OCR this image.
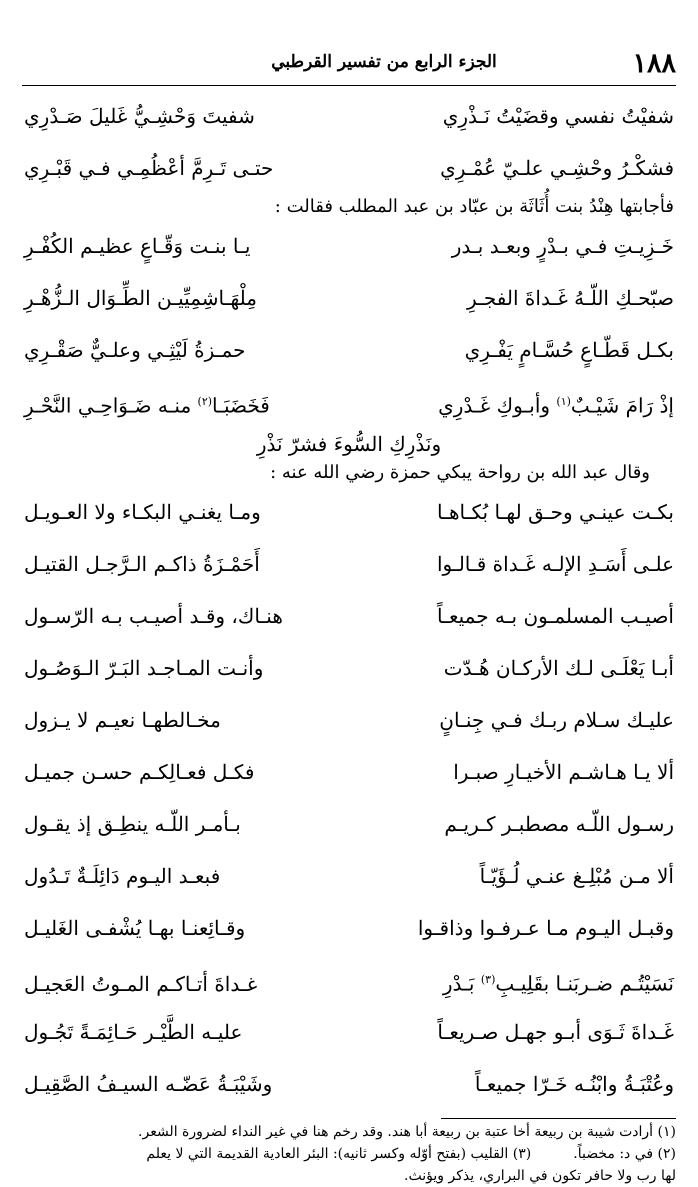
١٨٨
الجزء الرابع من تفسير القرطبي
شفيْتُ نفسي وقضَيْتُ نَـذْرِي
شفيتَ وَحْشِـيُّ غَليلَ صَـدْرِي
فشكْـرُ وحْشِـي علـيّ عُمْـرِي
حتـى تَـرِمَّ أعْظُمِـي فـي قَبْـرِي
فأجابتها هِنْدُ بنت أُثَاثَة بن عبّاد بن عبد المطلب فقالت :
خَـزِيـتِ فـي بـدْرٍ وبعـد بـدر
يـا بنـت وَقّـاعٍ عظيـم الكُفْـرِ
صبّحـكِ اللّـهُ غَـداةَ الفجـرِ
مِلْهَـاشِمِيِّيـن الطِّـوَال الـزُّهْـرِ
بكـل قَطّـاعٍ حُسَّـامٍ يَفْـرِي
حمـزةُ لَيْثِـي وعلـيٌّ صَقْـرِي
إذْ رَامَ شَيْـبٌ$^{(١)}$ وأبـوكِ غَـدْرِي
فَخَضَبَـا$^{(٢)}$ منـه ضَـوَاحِـي النَّحْـرِ
ونَذْرِكِ السُّوءَ فشرّ نَذْرِ
وقال عبد الله بن رواحة يبكي حمزة رضي الله عنه :
بكـت عينـي وحـق لهـا بُكـاهـا
ومـا يغنـي البكـاء ولا العـويـل
علـى أَسَـدِ الإلـه غَـداة قـالـوا
أَحَمْـزَةُ ذاكـم الـرَّجـل القتيـل
أصيـب المسلمـون بـه جميعـاً
هنـاك، وقـد أصيـب بـه الرّسـول
أبـا يَعْلَـى لـك الأركـان هُـدّت
وأنـت المـاجـد البَـرّ الـوَصُـول
عليـك سـلام ربـك فـي جِنـانٍ
مخـالطهـا نعيـم لا يـزول
ألا يـا هـاشـم الأخيـارِ صبـرا
فكـل فعـالِكـم حسـن جميـل
رسـول اللّـه مصطبـر كـريـم
بـأمـر اللّـه ينطِـق إذ يقـول
ألا مـن مُبْلِـغ عنـي لُـؤَيّـاً
فبعـد اليـوم دَائِلَـةٌ تَـدُول
وقبـل اليـوم مـا عـرفـوا وذاقـوا
وقـائِعنـا بهـا يُشْفـى الغَليـل
نَسَيْتُـم ضـربَنـا بقَلِيـبِ$^{(٣)}$ بَـدْرِ
غـداةَ أتـاكـم المـوتُ العَجيـل
غَـداةَ ثَـوَى أبـو جهـل صـريعـاً
عليـه الطَّيْـر حَـائِمَـةً تَجُـول
وعُتْبَـةُ وابْنُـه خَـرّا جميعـاً
وشَيْبَـةُ عَضّـه السيـفُ الصَّقِيـل
(١) أرادت شيبة بن ربيعة أخا عتبة بن ربيعة أبا هند. وقد رخم هنا في غير النداء لضرورة الشعر.
(٢) في د: مخضباً.(٣) القليب (بفتح أوّله وكسر ثانيه): البئر العادية القديمة التي لا يعلم
لها رب ولا حافر تكون في البراري، يذكر ويؤنث.
